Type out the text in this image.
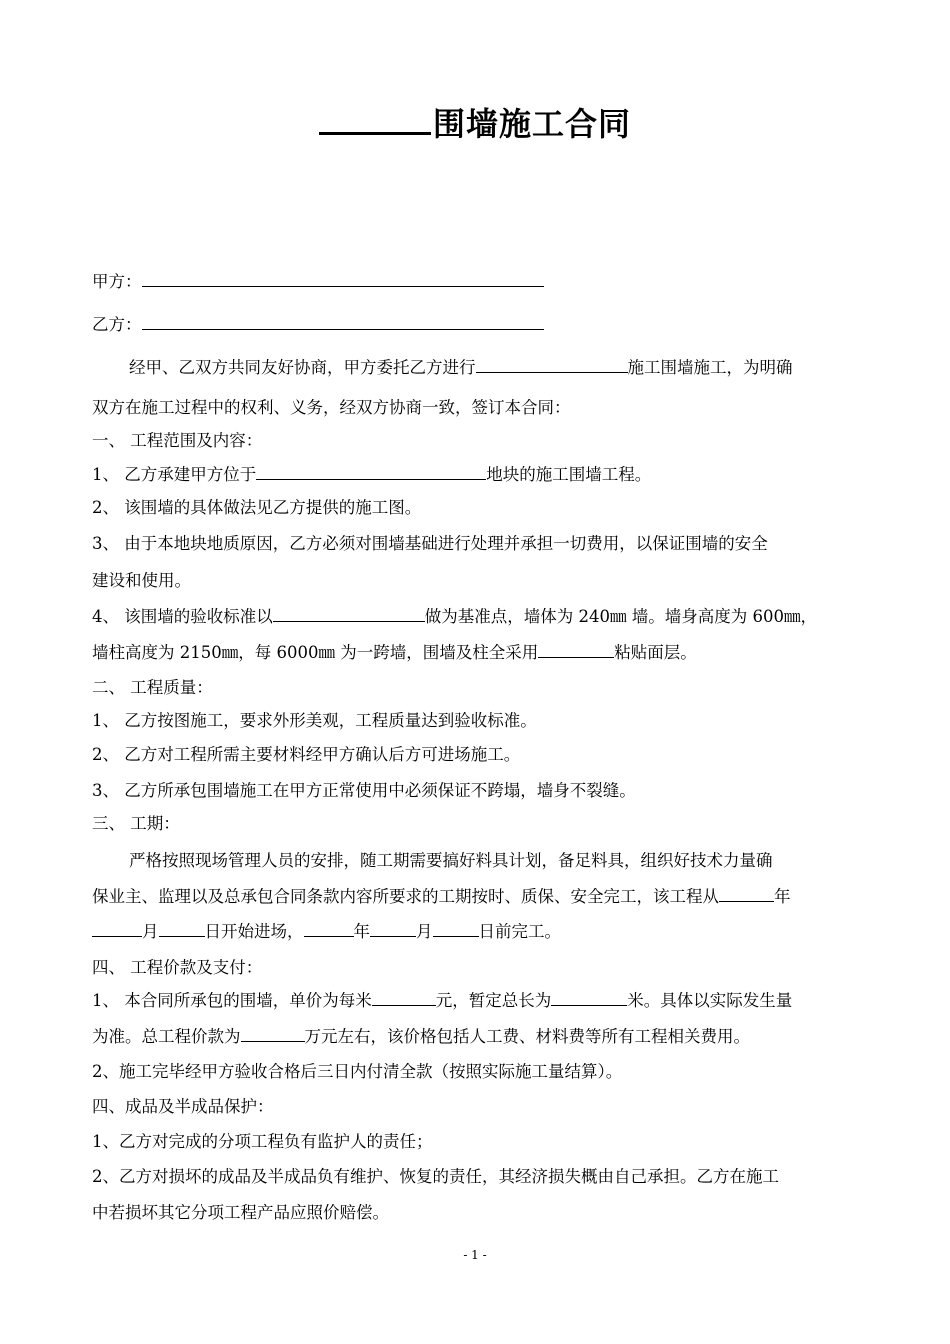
围墙施工合同
甲方：
乙方：
经甲、乙双方共同友好协商，甲方委托乙方进行	施工围墙施工，为明确
双方在施工过程中的权利、义务，经双方协商一致，签订本合同：
一、 工程范围及内容：
1、 乙方承建甲方位于	地块的施工围墙工程。
2、 该围墙的具体做法见乙方提供的施工图。
3、 由于本地块地质原因，乙方必须对围墙基础进行处理并承担一切费用，以保证围墙的安全
建设和使用。
4、 该围墙的验收标准以	做为基准点，墙体为 240㎜ 墙。墙身高度为 600㎜，
墙柱高度为 2150㎜，每 6000㎜ 为一跨墙，围墙及柱全采用	粘贴面层。
二、 工程质量：
1、 乙方按图施工，要求外形美观，工程质量达到验收标准。
2、 乙方对工程所需主要材料经甲方确认后方可进场施工。
3、 乙方所承包围墙施工在甲方正常使用中必须保证不跨塌，墙身不裂缝。
三、 工期：
严格按照现场管理人员的安排，随工期需要搞好料具计划，备足料具，组织好技术力量确
保业主、监理以及总承包合同条款内容所要求的工期按时、质保、安全完工，该工程从	年
月	日开始进场，	年	月	日前完工。
四、 工程价款及支付：
1、 本合同所承包的围墙，单价为每米	元，暂定总长为	米。具体以实际发生量
为准。总工程价款为	万元左右，该价格包括人工费、材料费等所有工程相关费用。
2、施工完毕经甲方验收合格后三日内付清全款（按照实际施工量结算）。
四、成品及半成品保护：
1、乙方对完成的分项工程负有监护人的责任；
2、乙方对损坏的成品及半成品负有维护、恢复的责任，其经济损失概由自己承担。乙方在施工
中若损坏其它分项工程产品应照价赔偿。
- 1 -
